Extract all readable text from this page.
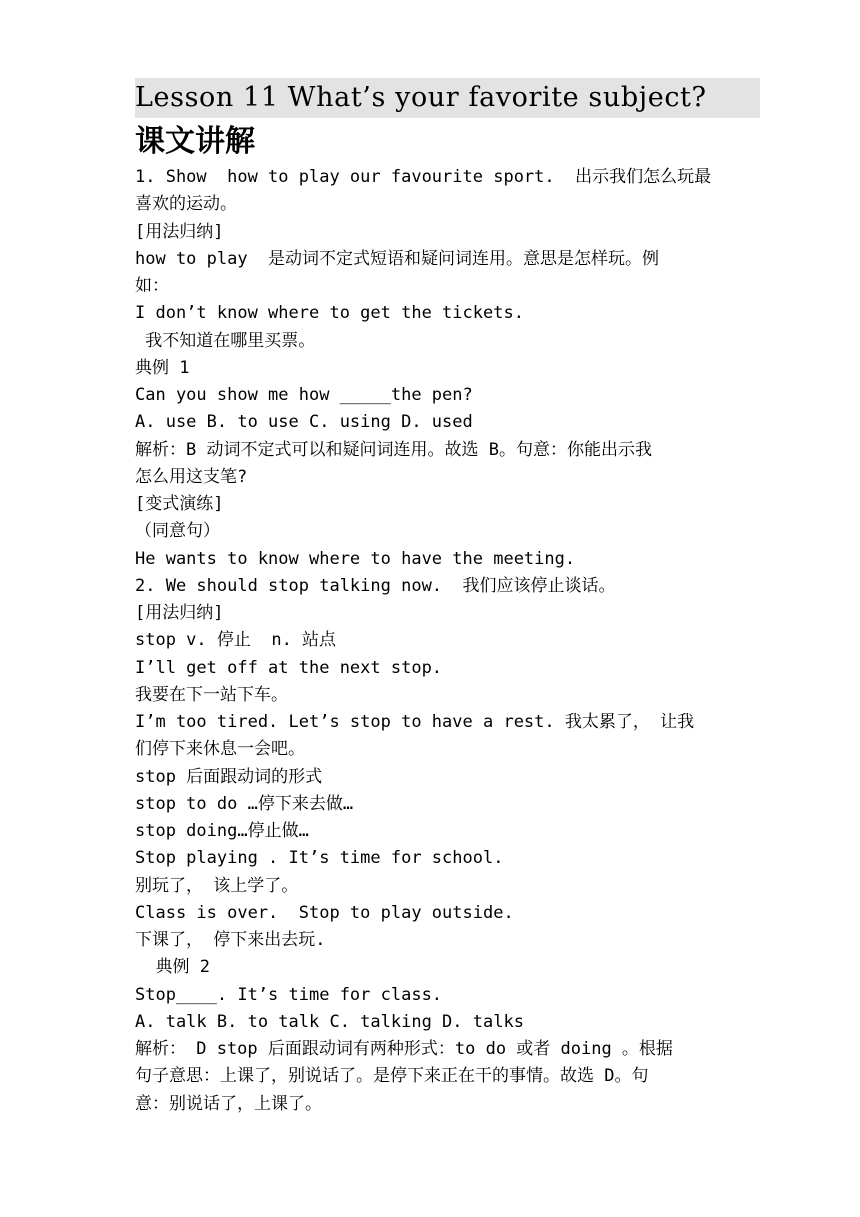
Lesson 11 What’s your favorite subject?
课文讲解
1. Show  how to play our favourite sport.  出示我们怎么玩最
喜欢的运动。
[用法归纳]
how to play  是动词不定式短语和疑问词连用。意思是怎样玩。例
如：
I don’t know where to get the tickets.
我不知道在哪里买票。
典例 1
Can you show me how _____the pen?
A. use B. to use C. using D. used
解析：B 动词不定式可以和疑问词连用。故选 B。句意：你能出示我
怎么用这支笔?
[变式演练]
（同意句）
He wants to know where to have the meeting.
2. We should stop talking now.  我们应该停止谈话。
[用法归纳]
stop v. 停止  n. 站点
I’ll get off at the next stop.
我要在下一站下车。
I’m too tired. Let’s stop to have a rest. 我太累了， 让我
们停下来休息一会吧。
stop 后面跟动词的形式
stop to do …停下来去做…
stop doing…停止做…
Stop playing . It’s time for school.
别玩了， 该上学了。
Class is over.  Stop to play outside.
下课了， 停下来出去玩.
典例 2
Stop____. It’s time for class.
A. talk B. to talk C. talking D. talks
解析： D stop 后面跟动词有两种形式：to do 或者 doing 。根据
句子意思：上课了，别说话了。是停下来正在干的事情。故选 D。句
意：别说话了，上课了。
